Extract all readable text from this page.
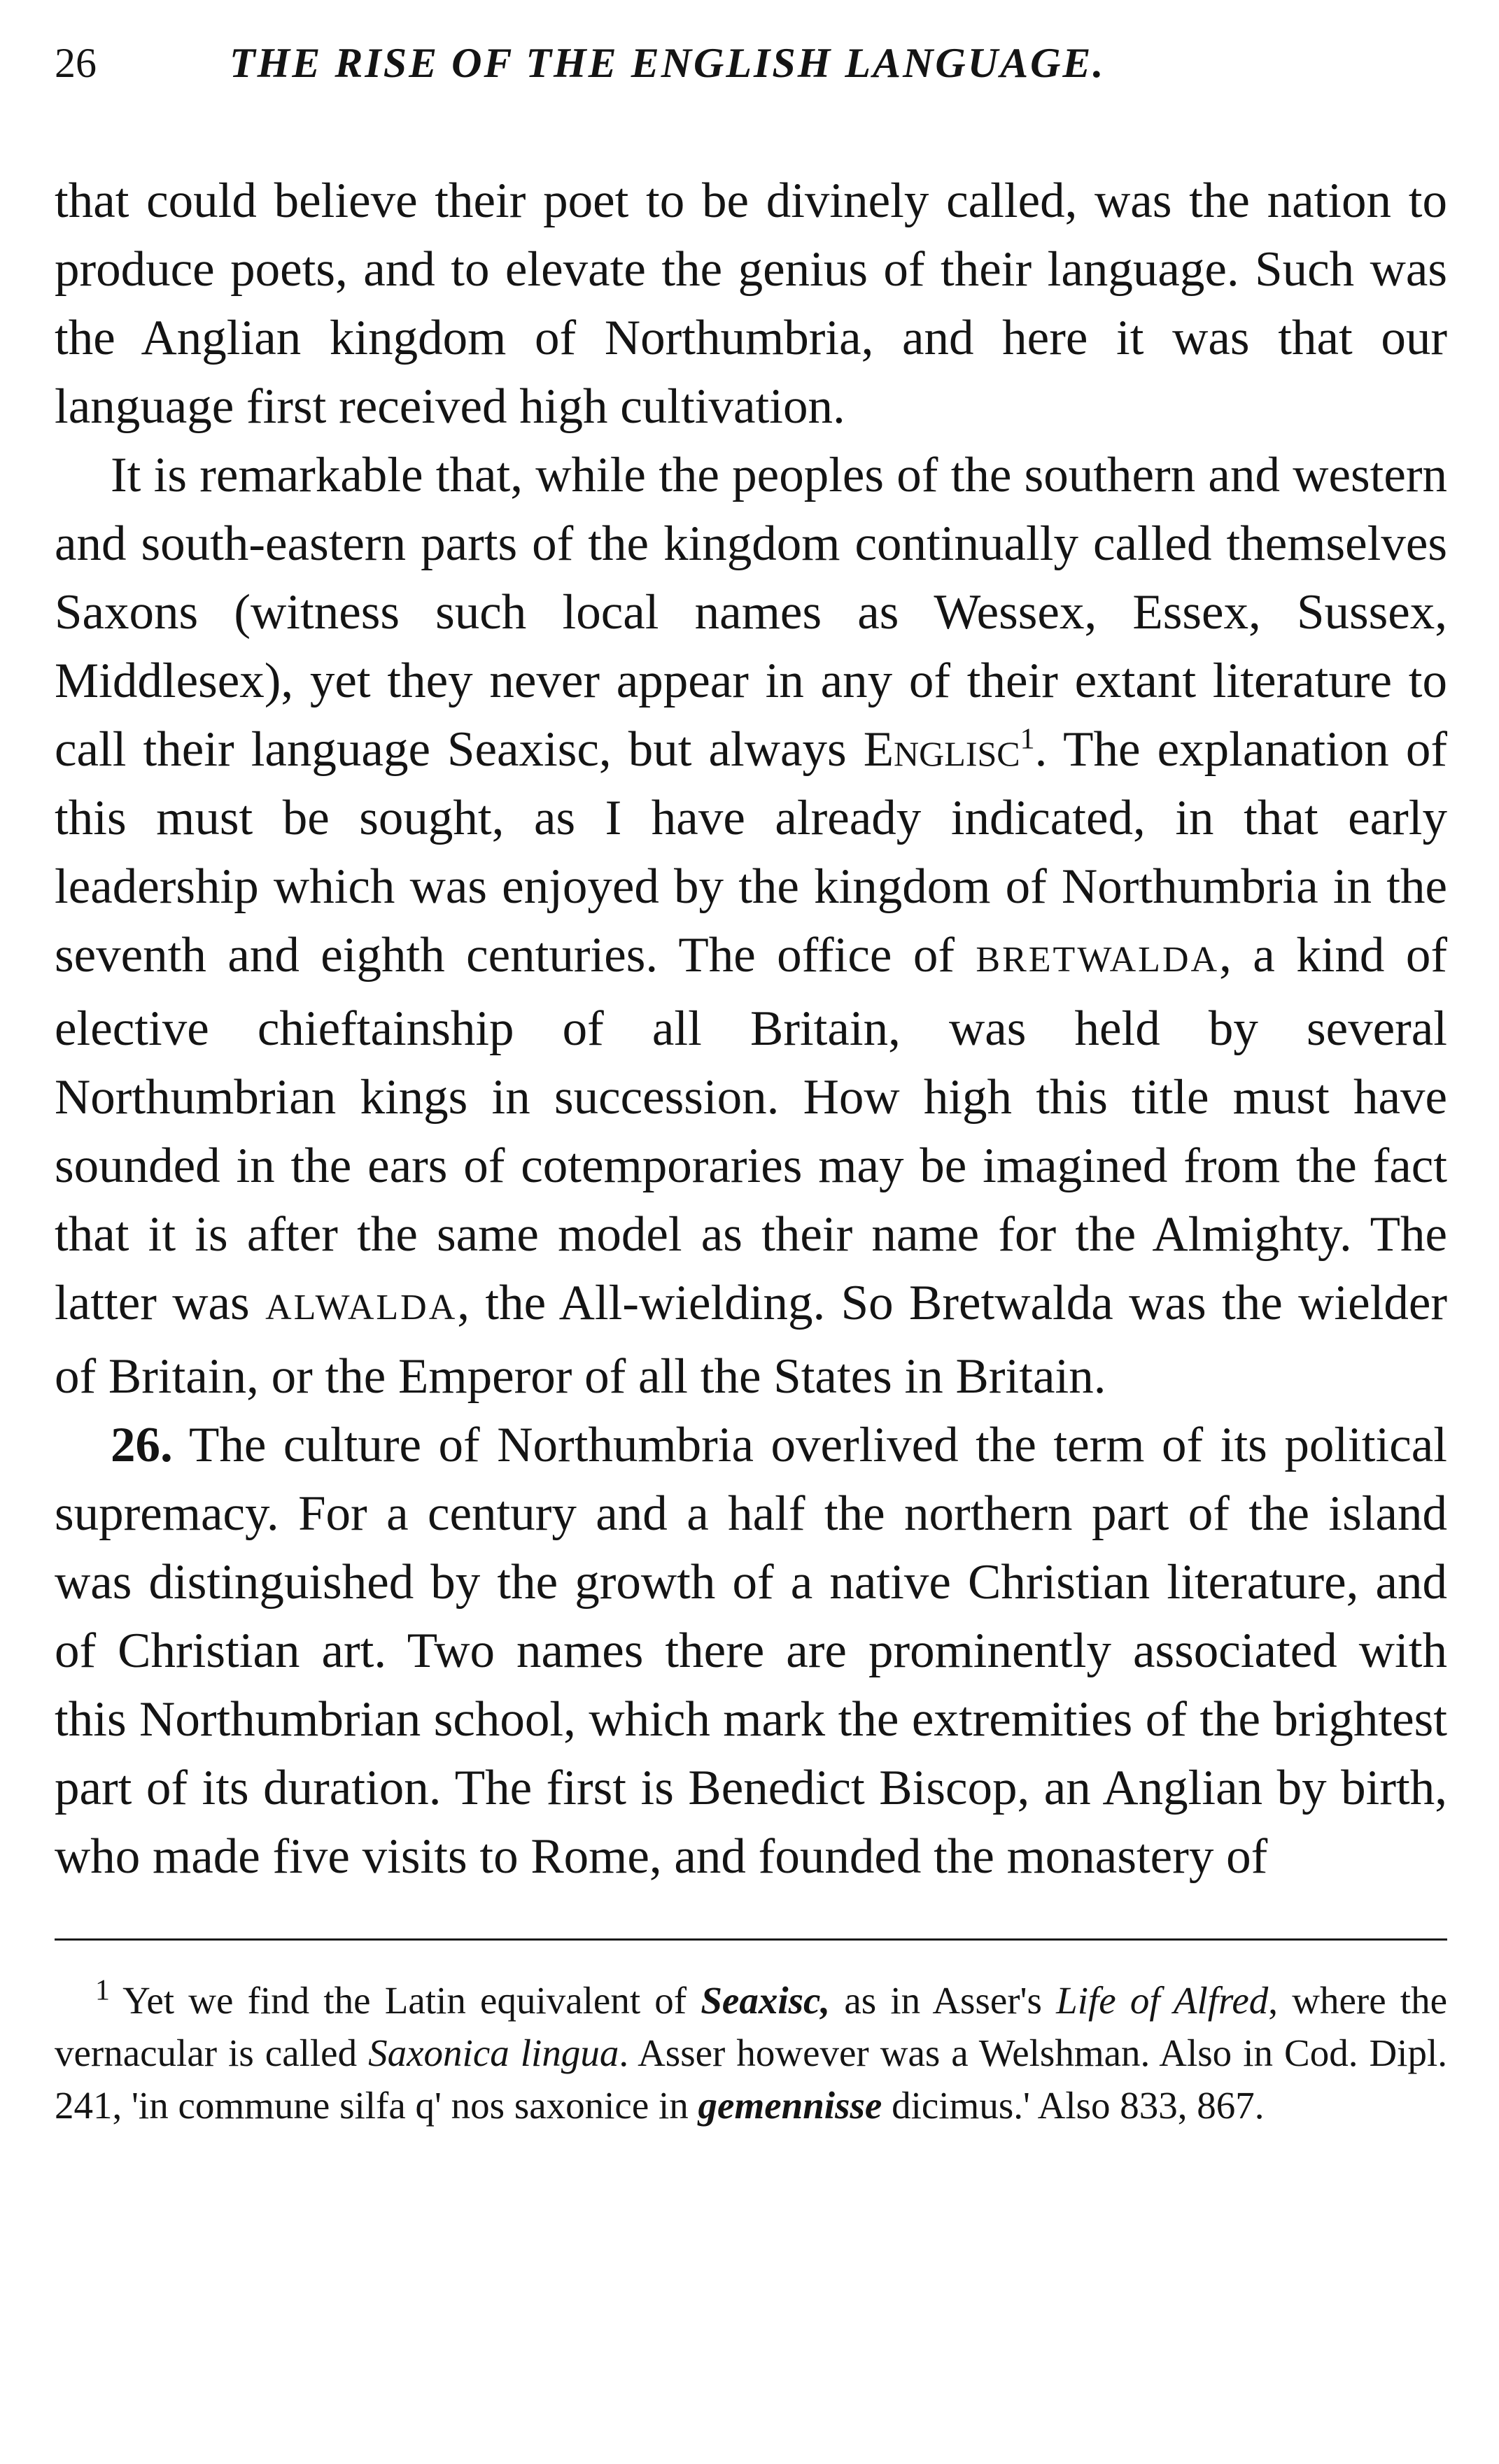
26	THE RISE OF THE ENGLISH LANGUAGE.

that could believe their poet to be divinely called, was the nation to produce poets, and to elevate the genius of their language. Such was the Anglian kingdom of Northumbria, and here it was that our language first received high cultivation.

It is remarkable that, while the peoples of the southern and western and south-eastern parts of the kingdom continually called themselves Saxons (witness such local names as Wessex, Essex, Sussex, Middlesex), yet they never appear in any of their extant literature to call their language Seaxisc, but always Englisc$^1$. The explanation of this must be sought, as I have already indicated, in that early leadership which was enjoyed by the kingdom of Northumbria in the seventh and eighth centuries. The office of BRETWALDA, a kind of elective chieftainship of all Britain, was held by several Northumbrian kings in succession. How high this title must have sounded in the ears of cotemporaries may be imagined from the fact that it is after the same model as their name for the Almighty. The latter was ALWALDA, the All-wielding. So Bretwalda was the wielder of Britain, or the Emperor of all the States in Britain.

26. The culture of Northumbria overlived the term of its political supremacy. For a century and a half the northern part of the island was distinguished by the growth of a native Christian literature, and of Christian art. Two names there are prominently associated with this Northumbrian school, which mark the extremities of the brightest part of its duration. The first is Benedict Biscop, an Anglian by birth, who made five visits to Rome, and founded the monastery of

$^1$ Yet we find the Latin equivalent of Seaxisc, as in Asser's Life of Alfred, where the vernacular is called Saxonica lingua. Asser however was a Welshman. Also in Cod. Dipl. 241, 'in commune silfa q' nos saxonice in gemennisse dicimus.' Also 833, 867.
